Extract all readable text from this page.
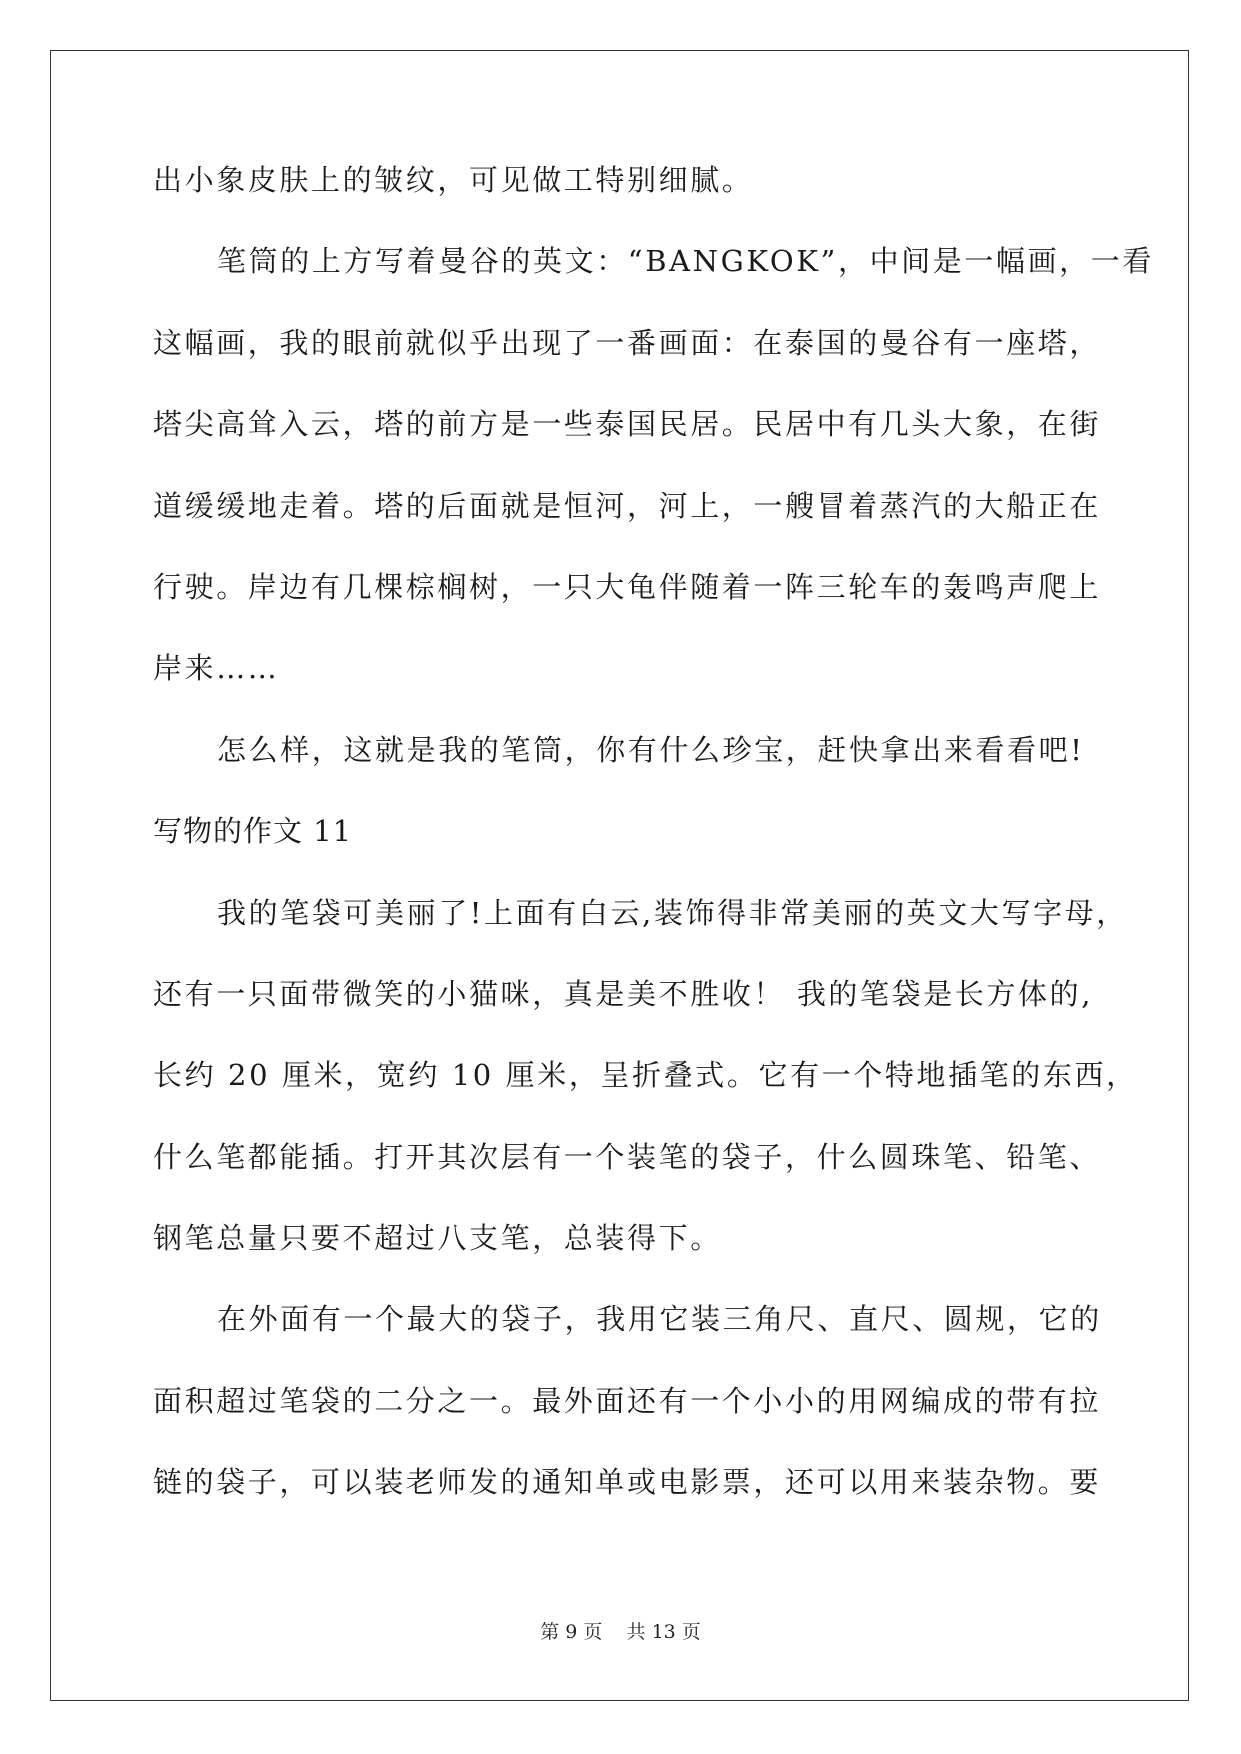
出小象皮肤上的皱纹，可见做工特别细腻。
笔筒的上方写着曼谷的英文：“BANGKOK”，中间是一幅画，一看
这幅画，我的眼前就似乎出现了一番画面：在泰国的曼谷有一座塔，
塔尖高耸入云，塔的前方是一些泰国民居。民居中有几头大象，在街
道缓缓地走着。塔的后面就是恒河，河上，一艘冒着蒸汽的大船正在
行驶。岸边有几棵棕榈树，一只大龟伴随着一阵三轮车的轰鸣声爬上
岸来……
怎么样，这就是我的笔筒，你有什么珍宝，赶快拿出来看看吧!
写物的作文 11
我的笔袋可美丽了!上面有白云,装饰得非常美丽的英文大写字母，
还有一只面带微笑的小猫咪，真是美不胜收！ 我的笔袋是长方体的,
长约 20 厘米，宽约 10 厘米，呈折叠式。它有一个特地插笔的东西，
什么笔都能插。打开其次层有一个装笔的袋子，什么圆珠笔、铅笔、
钢笔总量只要不超过八支笔，总装得下。
在外面有一个最大的袋子，我用它装三角尺、直尺、圆规，它的
面积超过笔袋的二分之一。最外面还有一个小小的用网编成的带有拉
链的袋子，可以装老师发的通知单或电影票，还可以用来装杂物。要
第 9 页    共 13 页
